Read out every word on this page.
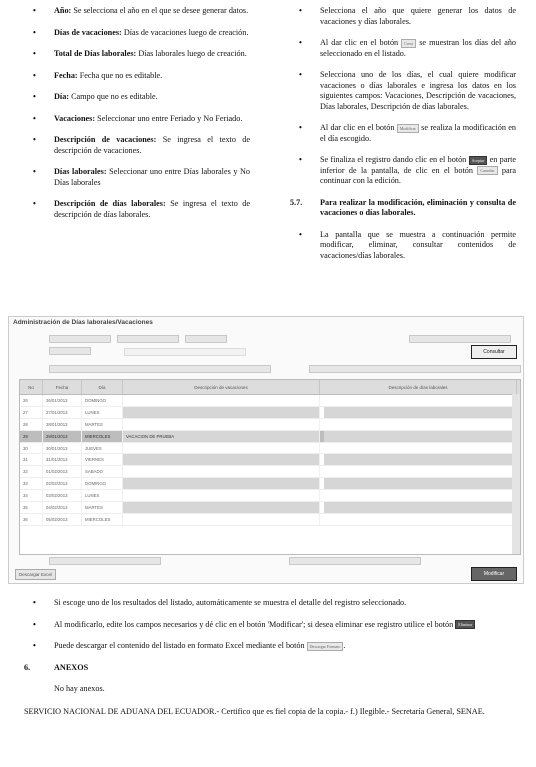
• Año: Se selecciona el año en el que se desee generar datos.
• Días de vacaciones: Días de vacaciones luego de creación.
• Total de Días laborales: Días laborales luego de creación.
• Fecha: Fecha que no es editable.
• Día: Campo que no es editable.
• Vacaciones: Seleccionar uno entre Feriado y No Feriado.
• Descripción de vacaciones: Se ingresa el texto de descripción de vacaciones.
• Días laborales: Seleccionar uno entre Días laborales y No Días laborales
• Descripción de días laborales: Se ingresa el texto de descripción de días laborales.
• Selecciona el año que quiere generar los datos de vacaciones y días laborales.
• Al dar clic en el botón Crear se muestran los días del año seleccionado en el listado.
• Selecciona uno de los días, el cual quiere modificar vacaciones o días laborales e ingresa los datos en los siguientes campos: Vacaciones, Descripción de vacaciones, Días laborales, Descripción de días laborales.
• Al dar clic en el botón Modificar se realiza la modificación en el día escogido.
• Se finaliza el registro dando clic en el botón Aceptar en parte inferior de la pantalla, de clic en el botón Cancelar para continuar con la edición.
5.7. Para realizar la modificación, eliminación y consulta de vacaciones o días laborales.
• La pantalla que se muestra a continuación permite modificar, eliminar, consultar contenidos de vacaciones/días laborales.
Administración de Días laborales/Vacaciones
Consultar
No	Fecha	Día	Descripción de vacaciones	Descripción de días laborales
26	26/01/2013	DOMINGO
27	27/01/2013	LUNES
28	28/01/2013	MARTES
29	29/01/2013	MIERCOLES	VACACION DE PRUEBA
30	30/01/2013	JUEVES
31	31/01/2013	VIERNES
32	01/02/2013	SABADO
33	02/02/2013	DOMINGO
34	03/02/2013	LUNES
35	04/02/2013	MARTES
36	05/02/2013	MIERCOLES
Modificar
Descargar Excel
• Si escoge uno de los resultados del listado, automáticamente se muestra el detalle del registro seleccionado.
• Al modificarlo, edite los campos necesarios y dé clic en el botón 'Modificar'; si desea eliminar ese registro utilice el botón Eliminar
• Puede descargar el contenido del listado en formato Excel mediante el botón Descargar Formato .
6.	ANEXOS
No hay anexos.
SERVICIO NACIONAL DE ADUANA DEL ECUADOR.- Certifico que es fiel copia de la copia.- f.) Ilegible.- Secretaría General, SENAE.
